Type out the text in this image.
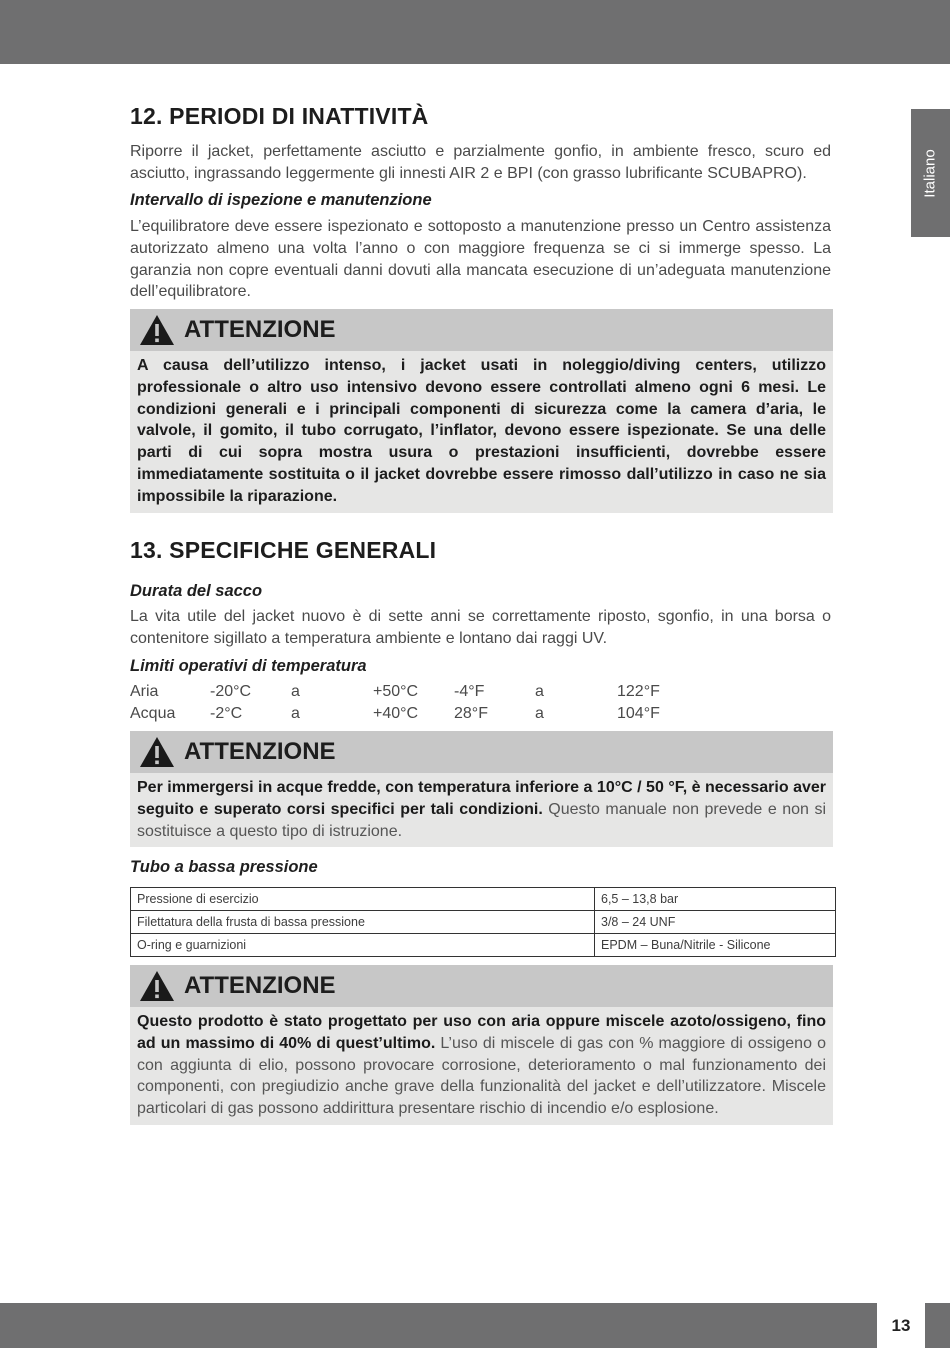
Italiano
12. PERIODI DI INATTIVITÀ
Riporre il jacket, perfettamente asciutto e parzialmente gonfio, in ambiente fresco, scuro ed asciutto, ingrassando leggermente gli innesti AIR 2 e BPI (con grasso lubrificante SCUBAPRO).
Intervallo di ispezione e manutenzione
L’equilibratore deve essere ispezionato e sottoposto a manutenzione presso un Centro assistenza autorizzato almeno una volta l’anno o con maggiore frequenza se ci si immerge spesso. La garanzia non copre eventuali danni dovuti alla mancata esecuzione di un’adeguata manutenzione dell’equilibratore.
ATTENZIONE
A causa dell’utilizzo intenso, i jacket usati in noleggio/diving centers, utilizzo professionale o altro uso intensivo devono essere controllati almeno ogni 6 mesi. Le condizioni generali e i principali componenti di sicurezza come la camera d’aria, le valvole, il gomito, il tubo corrugato, l’inflator, devono essere ispezionate. Se una delle parti di cui sopra mostra usura o prestazioni insufficienti, dovrebbe essere immediatamente sostituita o il jacket dovrebbe essere rimosso dall’utilizzo in caso ne sia impossibile la riparazione.
13. SPECIFICHE GENERALI
Durata del sacco
La vita utile del jacket nuovo è di sette anni se correttamente riposto, sgonfio, in una borsa o contenitore sigillato a temperatura ambiente e lontano dai raggi UV.
Limiti operativi di temperatura
Aria	-20°C a	+50°C -4°F	a	122°F
Acqua -2°C	a	+40°C 28°F	a	104°F
ATTENZIONE
Per immergersi in acque fredde, con temperatura inferiore a 10°C / 50 °F, è necessario aver seguito e superato corsi specifici per tali condizioni. Questo manuale non prevede e non si sostituisce a questo tipo di istruzione.
Tubo a bassa pressione
Pressione di esercizio	6,5 – 13,8 bar
Filettatura della frusta di bassa pressione	3/8 – 24 UNF
O-ring e guarnizioni	EPDM – Buna/Nitrile - Silicone
ATTENZIONE
Questo prodotto è stato progettato per uso con aria oppure miscele azoto/ossigeno, fino ad un massimo di 40% di quest’ultimo. L’uso di miscele di gas con % maggiore di ossigeno o con aggiunta di elio, possono provocare corrosione, deterioramento o mal funzionamento dei componenti, con pregiudizio anche grave della funzionalità del jacket e dell’utilizzatore. Miscele particolari di gas possono addirittura presentare rischio di incendio e/o esplosione.
13
